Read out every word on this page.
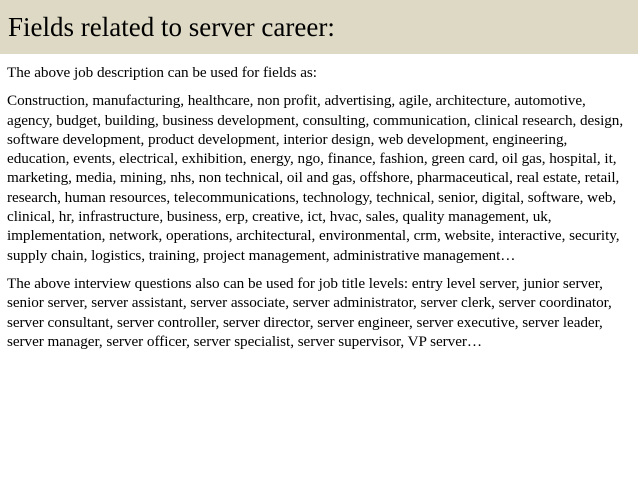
Fields related to server career:

The above job description can be used for fields as:

Construction, manufacturing, healthcare, non profit, advertising, agile, architecture, automotive, agency, budget, building, business development, consulting, communication, clinical research, design, software development, product development, interior design, web development, engineering, education, events, electrical, exhibition, energy, ngo, finance, fashion, green card, oil gas, hospital, it, marketing, media, mining, nhs, non technical, oil and gas, offshore, pharmaceutical, real estate, retail, research, human resources, telecommunications, technology, technical, senior, digital, software, web, clinical, hr, infrastructure, business, erp, creative, ict, hvac, sales, quality management, uk, implementation, network, operations, architectural, environmental, crm, website, interactive, security, supply chain, logistics, training, project management, administrative management…

The above interview questions also can be used for job title levels: entry level server, junior server, senior server, server assistant, server associate, server administrator, server clerk, server coordinator, server consultant, server controller, server director, server engineer, server executive, server leader, server manager, server officer, server specialist, server supervisor, VP server…
